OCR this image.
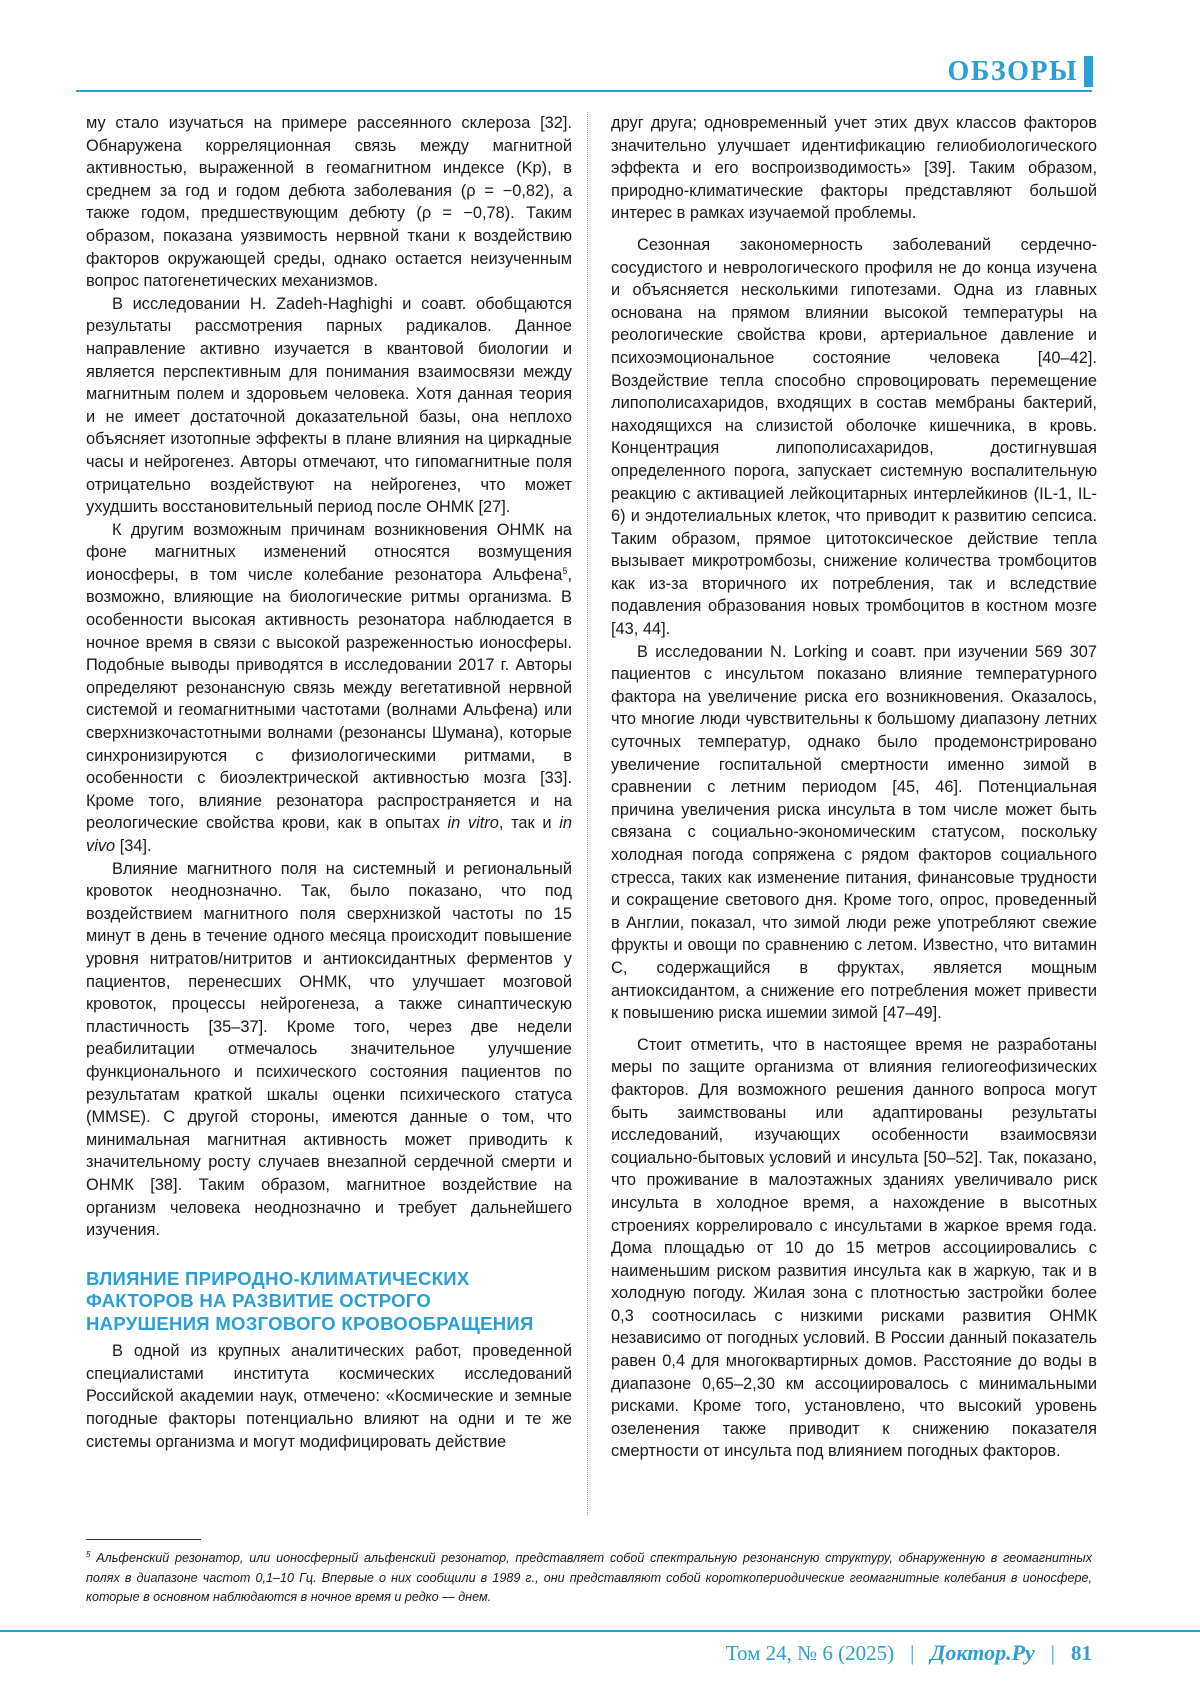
ОБЗОРЫ

му стало изучаться на примере рассеянного склероза [32]. Обнаружена корреляционная связь между магнитной активностью, выраженной в геомагнитном индексе (Kp), в среднем за год и годом дебюта заболевания (ρ = −0,82), а также годом, предшествующим дебюту (ρ = −0,78). Таким образом, показана уязвимость нервной ткани к воздействию факторов окружающей среды, однако остается неизученным вопрос патогенетических механизмов.

В исследовании H. Zadeh-Haghighi и соавт. обобщаются результаты рассмотрения парных радикалов. Данное направление активно изучается в квантовой биологии и является перспективным для понимания взаимосвязи между магнитным полем и здоровьем человека. Хотя данная теория и не имеет достаточной доказательной базы, она неплохо объясняет изотопные эффекты в плане влияния на циркадные часы и нейрогенез. Авторы отмечают, что гипомагнитные поля отрицательно воздействуют на нейрогенез, что может ухудшить восстановительный период после ОНМК [27].

К другим возможным причинам возникновения ОНМК на фоне магнитных изменений относятся возмущения ионосферы, в том числе колебание резонатора Альфена5, возможно, влияющие на биологические ритмы организма. В особенности высокая активность резонатора наблюдается в ночное время в связи с высокой разреженностью ионосферы. Подобные выводы приводятся в исследовании 2017 г. Авторы определяют резонансную связь между вегетативной нервной системой и геомагнитными частотами (волнами Альфена) или сверхнизкочастотными волнами (резонансы Шумана), которые синхронизируются с физиологическими ритмами, в особенности с биоэлектрической активностью мозга [33]. Кроме того, влияние резонатора распространяется и на реологические свойства крови, как в опытах in vitro, так и in vivo [34].

Влияние магнитного поля на системный и региональный кровоток неоднозначно. Так, было показано, что под воздействием магнитного поля сверхнизкой частоты по 15 минут в день в течение одного месяца происходит повышение уровня нитратов/нитритов и антиоксидантных ферментов у пациентов, перенесших ОНМК, что улучшает мозговой кровоток, процессы нейрогенеза, а также синаптическую пластичность [35–37]. Кроме того, через две недели реабилитации отмечалось значительное улучшение функционального и психического состояния пациентов по результатам краткой шкалы оценки психического статуса (MMSE). С другой стороны, имеются данные о том, что минимальная магнитная активность может приводить к значительному росту случаев внезапной сердечной смерти и ОНМК [38]. Таким образом, магнитное воздействие на организм человека неоднозначно и требует дальнейшего изучения.

ВЛИЯНИЕ ПРИРОДНО-КЛИМАТИЧЕСКИХ
ФАКТОРОВ НА РАЗВИТИЕ ОСТРОГО
НАРУШЕНИЯ МОЗГОВОГО КРОВООБРАЩЕНИЯ

В одной из крупных аналитических работ, проведенной специалистами института космических исследований Российской академии наук, отмечено: «Космические и земные погодные факторы потенциально влияют на одни и те же системы организма и могут модифицировать действие

друг друга; одновременный учет этих двух классов факторов значительно улучшает идентификацию гелиобиологического эффекта и его воспроизводимость» [39]. Таким образом, природно-климатические факторы представляют большой интерес в рамках изучаемой проблемы.

Сезонная закономерность заболеваний сердечно-сосудистого и неврологического профиля не до конца изучена и объясняется несколькими гипотезами. Одна из главных основана на прямом влиянии высокой температуры на реологические свойства крови, артериальное давление и психоэмоциональное состояние человека [40–42]. Воздействие тепла способно спровоцировать перемещение липополисахаридов, входящих в состав мембраны бактерий, находящихся на слизистой оболочке кишечника, в кровь. Концентрация липополисахаридов, достигнувшая определенного порога, запускает системную воспалительную реакцию с активацией лейкоцитарных интерлейкинов (IL-1, IL-6) и эндотелиальных клеток, что приводит к развитию сепсиса. Таким образом, прямое цитотоксическое действие тепла вызывает микротромбозы, снижение количества тромбоцитов как из-за вторичного их потребления, так и вследствие подавления образования новых тромбоцитов в костном мозге [43, 44].

В исследовании N. Lorking и соавт. при изучении 569 307 пациентов с инсультом показано влияние температурного фактора на увеличение риска его возникновения. Оказалось, что многие люди чувствительны к большому диапазону летних суточных температур, однако было продемонстрировано увеличение госпитальной смертности именно зимой в сравнении с летним периодом [45, 46]. Потенциальная причина увеличения риска инсульта в том числе может быть связана с социально-экономическим статусом, поскольку холодная погода сопряжена с рядом факторов социального стресса, таких как изменение питания, финансовые трудности и сокращение светового дня. Кроме того, опрос, проведенный в Англии, показал, что зимой люди реже употребляют свежие фрукты и овощи по сравнению с летом. Известно, что витамин С, содержащийся в фруктах, является мощным антиоксидантом, а снижение его потребления может привести к повышению риска ишемии зимой [47–49].

Стоит отметить, что в настоящее время не разработаны меры по защите организма от влияния гелиогеофизических факторов. Для возможного решения данного вопроса могут быть заимствованы или адаптированы результаты исследований, изучающих особенности взаимосвязи социально-бытовых условий и инсульта [50–52]. Так, показано, что проживание в малоэтажных зданиях увеличивало риск инсульта в холодное время, а нахождение в высотных строениях коррелировало с инсультами в жаркое время года. Дома площадью от 10 до 15 метров ассоциировались с наименьшим риском развития инсульта как в жаркую, так и в холодную погоду. Жилая зона с плотностью застройки более 0,3 соотносилась с низкими рисками развития ОНМК независимо от погодных условий. В России данный показатель равен 0,4 для многоквартирных домов. Расстояние до воды в диапазоне 0,65–2,30 км ассоциировалось с минимальными рисками. Кроме того, установлено, что высокий уровень озеленения также приводит к снижению показателя смертности от инсульта под влиянием погодных факторов.

5 Альфенский резонатор, или ионосферный альфенский резонатор, представляет собой спектральную резонансную структуру, обнаруженную в геомагнитных полях в диапазоне частот 0,1–10 Гц. Впервые о них сообщили в 1989 г., они представляют собой короткопериодические геомагнитные колебания в ионосфере, которые в основном наблюдаются в ночное время и редко — днем.
Том 24, № 6 (2025) | Доктор.Ру | 81
